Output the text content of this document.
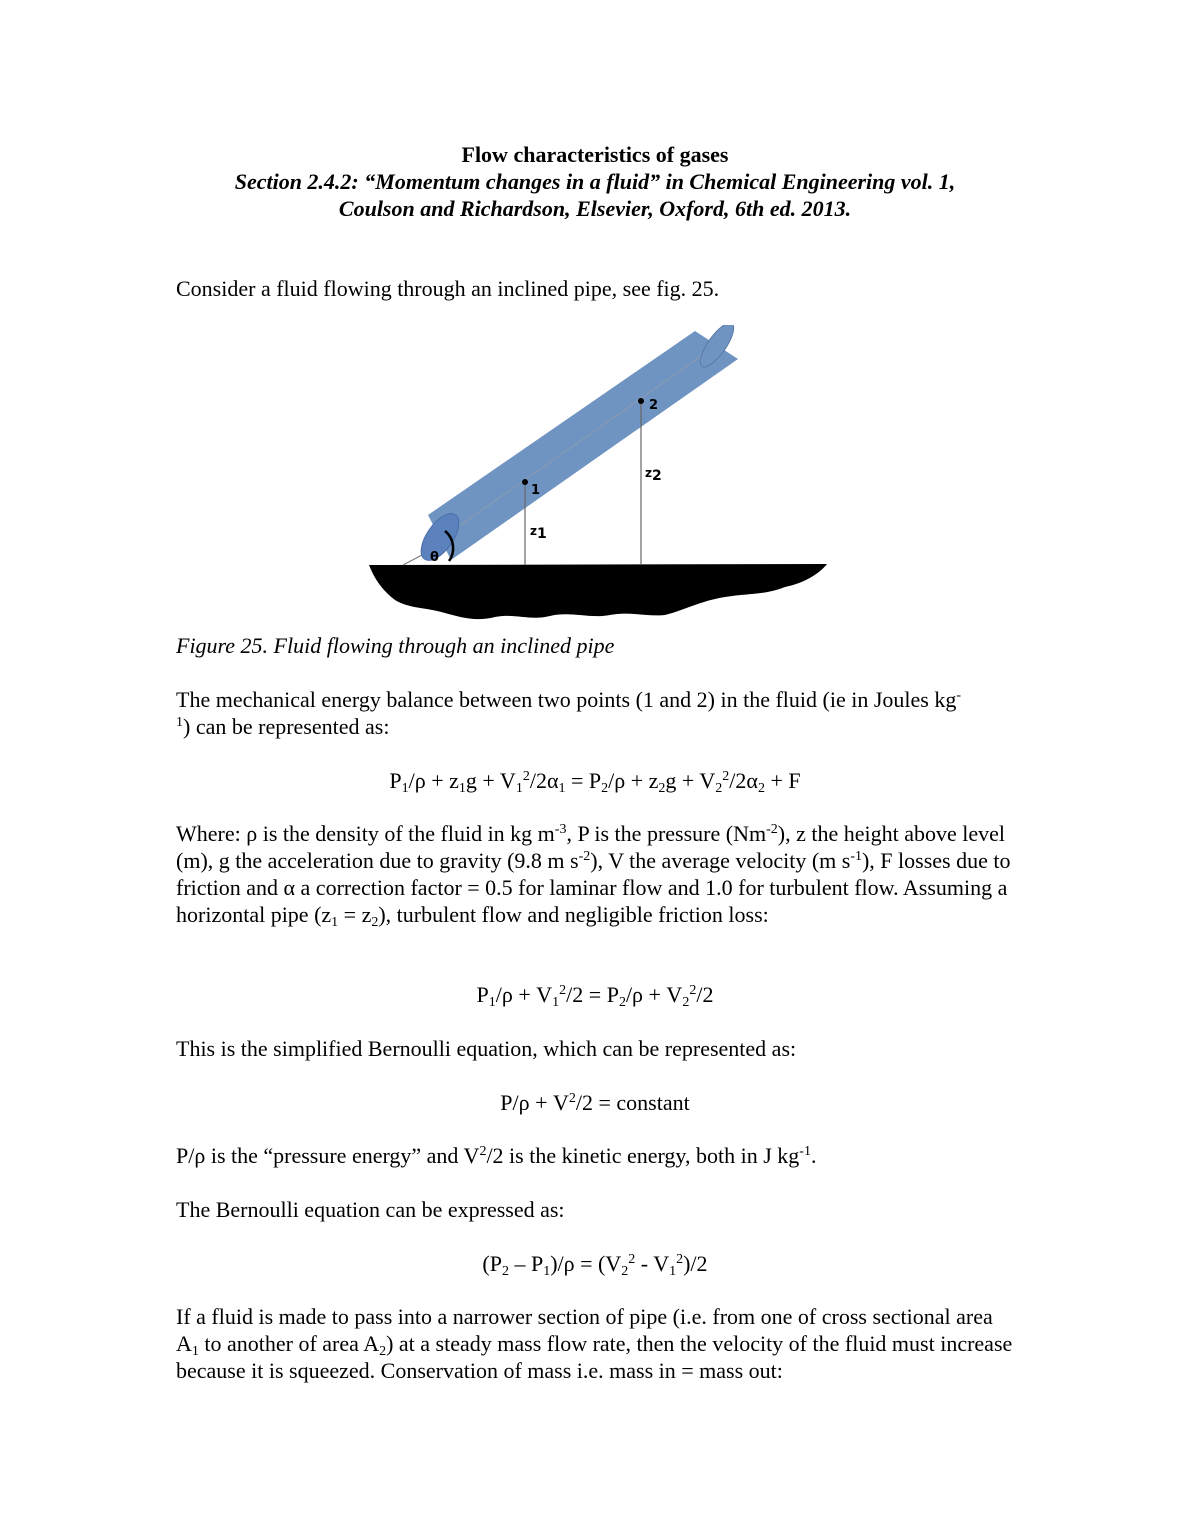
Flow characteristics of gases
Section 2.4.2: “Momentum changes in a fluid” in Chemical Engineering vol. 1,
Coulson and Richardson, Elsevier, Oxford, 6th ed. 2013.
Consider a fluid flowing through an inclined pipe, see fig. 25.
1
2
z1
z2
θ
Figure 25. Fluid flowing through an inclined pipe
The mechanical energy balance between two points (1 and 2) in the fluid (ie in Joules kg-
$^1$) can be represented as:
$P_1/\rho + z_1g + V_1^2/2\alpha_1 = P_2/\rho + z_2g + V_2^2/2\alpha_2 + F$
Where: ρ is the density of the fluid in kg $m^{-3}$, P is the pressure $(Nm^{-2})$, z the height above level (m), g the acceleration due to gravity (9.8 m $s^{-2}$), V the average velocity (m $s^{-1}$), F losses due to friction and α a correction factor = 0.5 for laminar flow and 1.0 for turbulent flow. Assuming a horizontal pipe $(z_1 = z_2)$, turbulent flow and negligible friction loss:
$P_1/\rho + V_1^2/2 = P_2/\rho + V_2^2/2$
This is the simplified Bernoulli equation, which can be represented as:
$P/\rho + V^2/2$ = constant
P/ρ is the “pressure energy” and $V^2/2$ is the kinetic energy, both in J $kg^{-1}$.
The Bernoulli equation can be expressed as:
$(P_2 - P_1)/\rho = (V_2^2 - V_1^2)/2$
If a fluid is made to pass into a narrower section of pipe (i.e. from one of cross sectional area $A_1$ to another of area $A_2$) at a steady mass flow rate, then the velocity of the fluid must increase because it is squeezed. Conservation of mass i.e. mass in = mass out:
